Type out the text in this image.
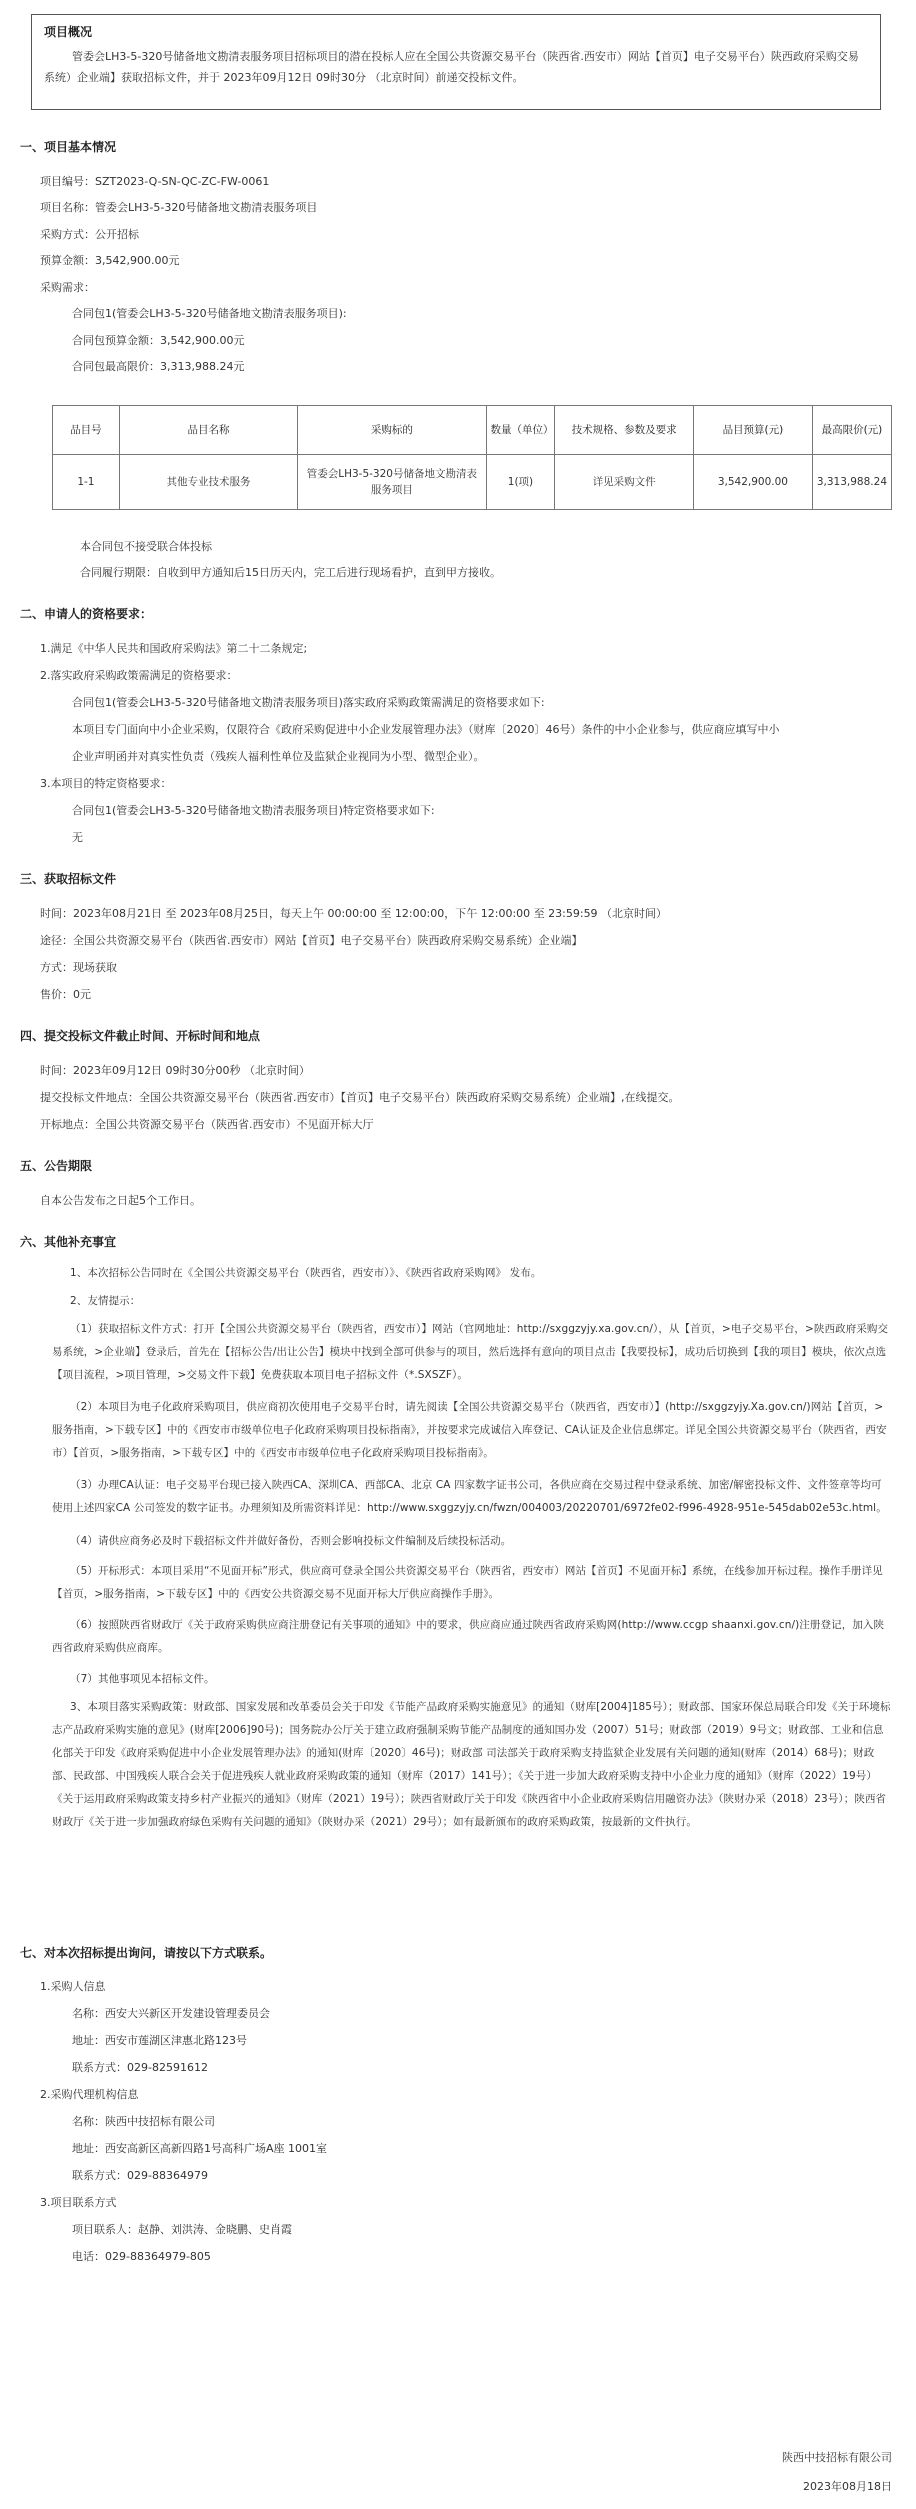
项目概况
管委会LH3-5-320号储备地文勘清表服务项目招标项目的潜在投标人应在全国公共资源交易平台（陕西省.西安市）网站【首页】电子交易平台）陕西政府采购交易系统）企业端】获取招标文件，并于 2023年09月12日 09时30分 （北京时间）前递交投标文件。
一、项目基本情况
项目编号：SZT2023-Q-SN-QC-ZC-FW-0061
项目名称：管委会LH3-5-320号储备地文勘清表服务项目
采购方式：公开招标
预算金额：3,542,900.00元
采购需求：
合同包1(管委会LH3-5-320号储备地文勘清表服务项目):
合同包预算金额：3,542,900.00元
合同包最高限价：3,313,988.24元
品目号	品目名称	采购标的	数量（单位）	技术规格、参数及要求	品目预算(元)	最高限价(元)
1-1	其他专业技术服务	管委会LH3-5-320号储备地文勘清表服务项目	1(项)	详见采购文件	3,542,900.00	3,313,988.24
本合同包不接受联合体投标
合同履行期限：自收到甲方通知后15日历天内，完工后进行现场看护，直到甲方接收。
二、申请人的资格要求：
1.满足《中华人民共和国政府采购法》第二十二条规定;
2.落实政府采购政策需满足的资格要求：
合同包1(管委会LH3-5-320号储备地文勘清表服务项目)落实政府采购政策需满足的资格要求如下:
本项目专门面向中小企业采购，仅限符合《政府采购促进中小企业发展管理办法》（财库〔2020〕46号）条件的中小企业参与，供应商应填写中小
企业声明函并对真实性负责（残疾人福利性单位及监狱企业视同为小型、微型企业）。
3.本项目的特定资格要求：
合同包1(管委会LH3-5-320号储备地文勘清表服务项目)特定资格要求如下:
无
三、获取招标文件
时间：2023年08月21日 至 2023年08月25日，每天上午 00:00:00 至 12:00:00，下午 12:00:00 至 23:59:59 （北京时间）
途径：全国公共资源交易平台（陕西省.西安市）网站【首页】电子交易平台）陕西政府采购交易系统）企业端】
方式：现场获取
售价：0元
四、提交投标文件截止时间、开标时间和地点
时间：2023年09月12日 09时30分00秒 （北京时间）
提交投标文件地点：全国公共资源交易平台（陕西省.西安市）【首页】电子交易平台）陕西政府采购交易系统）企业端】,在线提交。
开标地点：全国公共资源交易平台（陕西省.西安市）不见面开标大厅
五、公告期限
自本公告发布之日起5个工作日。
六、其他补充事宜
1、本次招标公告同时在《全国公共资源交易平台（陕西省，西安市）》、《陕西省政府采购网》 发布。
2、友情提示：
（1）获取招标文件方式：打开【全国公共资源交易平台（陕西省，西安市）】网站（官网地址：http://sxggzyjy.xa.gov.cn/），从【首页，>电子交易平台，>陕西政府采购交易系统，>企业端】登录后，首先在【招标公告/出让公告】模块中找到全部可供参与的项目，然后选择有意向的项目点击【我要投标】，成功后切换到【我的项目】模块，依次点选【项目流程，>项目管理，>交易文件下载】免费获取本项目电子招标文件（*.SXSZF）。
（2）本项目为电子化政府采购项目，供应商初次使用电子交易平台时，请先阅读【全国公共资源交易平台（陕西省，西安市）】(http://sxggzyjy.Xa.gov.cn/)网站【首页，>服务指南，>下载专区】中的《西安市市级单位电子化政府采购项目投标指南》，并按要求完成诚信入库登记、CA认证及企业信息绑定。详见全国公共资源交易平台（陕西省，西安市）【首页，>服务指南，>下载专区】中的《西安市市级单位电子化政府采购项目投标指南》。
（3）办理CA认证：电子交易平台现已接入陕西CA、深圳CA、西部CA、北京 CA 四家数字证书公司，各供应商在交易过程中登录系统、加密/解密投标文件、文件签章等均可使用上述四家CA 公司签发的数字证书。办理须知及所需资料详见：http://www.sxggzyjy.cn/fwzn/004003/20220701/6972fe02-f996-4928-951e-545dab02e53c.html。
（4）请供应商务必及时下载招标文件并做好备份，否则会影响投标文件编制及后续投标活动。
（5）开标形式：本项目采用“不见面开标”形式，供应商可登录全国公共资源交易平台（陕西省，西安市）网站【首页】不见面开标】系统，在线参加开标过程。操作手册详见【首页，>服务指南，>下载专区】中的《西安公共资源交易不见面开标大厅供应商操作手册》。
（6）按照陕西省财政厅《关于政府采购供应商注册登记有关事项的通知》中的要求，供应商应通过陕西省政府采购网(http://www.ccgp shaanxi.gov.cn/)注册登记，加入陕西省政府采购供应商库。
（7）其他事项见本招标文件。
3、本项目落实采购政策：财政部、国家发展和改革委员会关于印发《节能产品政府采购实施意见》的通知（财库[2004]185号）；财政部、国家环保总局联合印发《关于环境标志产品政府采购实施的意见》(财库[2006]90号)；国务院办公厅关于建立政府强制采购节能产品制度的通知国办发（2007）51号；财政部（2019）9号文；财政部、工业和信息化部关于印发《政府采购促进中小企业发展管理办法》的通知(财库〔2020〕46号)；财政部 司法部关于政府采购支持监狱企业发展有关问题的通知(财库（2014）68号)；财政部、民政部、中国残疾人联合会关于促进残疾人就业政府采购政策的通知（财库（2017）141号）；《关于进一步加大政府采购支持中小企业力度的通知》（财库（2022）19号）《关于运用政府采购政策支持乡村产业振兴的通知》（财库（2021）19号）；陕西省财政厅关于印发《陕西省中小企业政府采购信用融资办法》（陕财办采（2018）23号）；陕西省财政厅《关于进一步加强政府绿色采购有关问题的通知》（陕财办采（2021）29号）；如有最新颁布的政府采购政策，按最新的文件执行。
七、对本次招标提出询问，请按以下方式联系。
1.采购人信息
名称：西安大兴新区开发建设管理委员会
地址：西安市莲湖区津惠北路123号
联系方式：029-82591612
2.采购代理机构信息
名称：陕西中技招标有限公司
地址：西安高新区高新四路1号高科广场A座 1001室
联系方式：029-88364979
3.项目联系方式
项目联系人：赵静、刘洪涛、金晓鹏、史肖霞
电话：029-88364979-805
陕西中技招标有限公司
2023年08月18日
